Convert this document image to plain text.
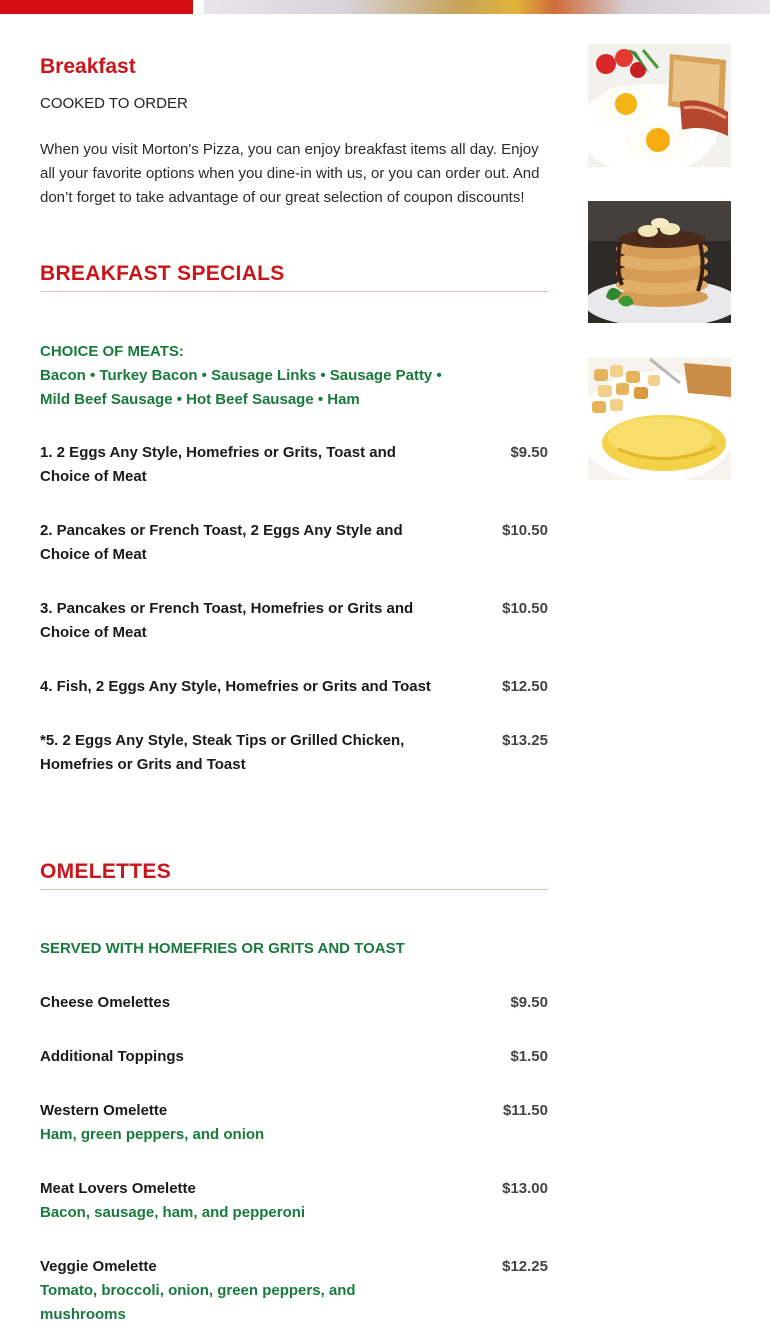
Breakfast
COOKED TO ORDER

When you visit Morton's Pizza, you can enjoy breakfast items all day. Enjoy all your favorite options when you dine-in with us, or you can order out. And don’t forget to take advantage of our great selection of coupon discounts!

BREAKFAST SPECIALS
CHOICE OF MEATS:
Bacon • Turkey Bacon • Sausage Links • Sausage Patty • Mild Beef Sausage • Hot Beef Sausage • Ham
1. 2 Eggs Any Style, Homefries or Grits, Toast and Choice of Meat
$9.50
2. Pancakes or French Toast, 2 Eggs Any Style and Choice of Meat
$10.50
3. Pancakes or French Toast, Homefries or Grits and Choice of Meat
$10.50
4. Fish, 2 Eggs Any Style, Homefries or Grits and Toast	$12.50
*5. 2 Eggs Any Style, Steak Tips or Grilled Chicken, Homefries or Grits and Toast
$13.25
OMELETTES
SERVED WITH HOMEFRIES OR GRITS AND TOAST
Cheese Omelettes	$9.50
Additional Toppings	$1.50
Western Omelette
Ham, green peppers, and onion
$11.50
Meat Lovers Omelette
Bacon, sausage, ham, and pepperoni
$13.00
Veggie Omelette
Tomato, broccoli, onion, green peppers, and mushrooms
$12.25
